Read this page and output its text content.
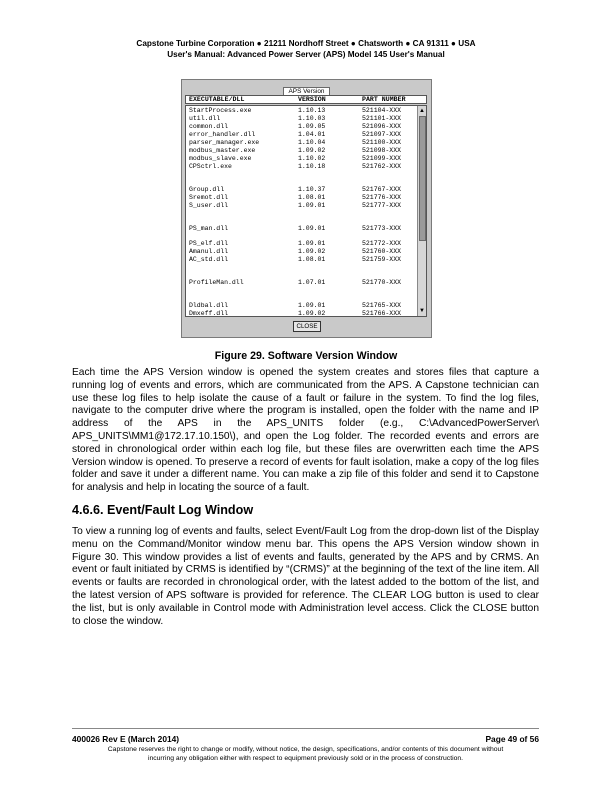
Capstone Turbine Corporation ● 21211 Nordhoff Street ● Chatsworth ● CA 91311 ● USA
User's Manual: Advanced Power Server (APS) Model 145 User's Manual
APS Version
EXECUTABLE/DLL	VERSION	PART NUMBER
StartProcess.exe	1.10.13	521104-XXX
util.dll	1.10.03	521101-XXX
common.dll	1.09.05	521096-XXX
error_handler.dll	1.04.01	521097-XXX
parser_manager.exe	1.10.04	521100-XXX
modbus_master.exe	1.09.02	521098-XXX
modbus_slave.exe	1.10.02	521099-XXX
CPSctrl.exe	1.10.18	521762-XXX
Group.dll	1.10.37	521767-XXX
Sremot.dll	1.08.01	521776-XXX
S_user.dll	1.09.01	521777-XXX
PS_man.dll	1.09.01	521773-XXX
PS_elf.dll	1.09.01	521772-XXX
Amanul.dll	1.09.02	521760-XXX
AC_std.dll	1.08.01	521759-XXX
ProfileMan.dll	1.07.01	521770-XXX
Dldbal.dll	1.09.01	521765-XXX
Dmxeff.dll	1.09.02	521766-XXX
▲
▼
CLOSE
Figure 29. Software Version Window

Each time the APS Version window is opened the system creates and stores files that capture a running log of events and errors, which are communicated from the APS. A Capstone technician can use these log files to help isolate the cause of a fault or failure in the system. To find the log files, navigate to the computer drive where the program is installed, open the folder with the name and IP address of the APS in the APS_UNITS folder (e.g., C:\AdvancedPowerServer\ APS_UNITS\MM1@172.17.10.150\), and open the Log folder. The recorded events and errors are stored in chronological order within each log file, but these files are overwritten each time the APS Version window is opened. To preserve a record of events for fault isolation, make a copy of the log files folder and save it under a different name. You can make a zip file of this folder and send it to Capstone for analysis and help in locating the source of a fault.

4.6.6. Event/Fault Log Window

To view a running log of events and faults, select Event/Fault Log from the drop-down list of the Display menu on the Command/Monitor window menu bar. This opens the APS Version window shown in Figure 30. This window provides a list of events and faults, generated by the APS and by CRMS. An event or fault initiated by CRMS is identified by “(CRMS)” at the beginning of the text of the line item. All events or faults are recorded in chronological order, with the latest added to the bottom of the list, and the latest version of APS software is provided for reference. The CLEAR LOG button is used to clear the list, but is only available in Control mode with Administration level access. Click the CLOSE button to close the window.

400026 Rev E (March 2014)	Page 49 of 56
Capstone reserves the right to change or modify, without notice, the design, specifications, and/or contents of this document without
incurring any obligation either with respect to equipment previously sold or in the process of construction.
